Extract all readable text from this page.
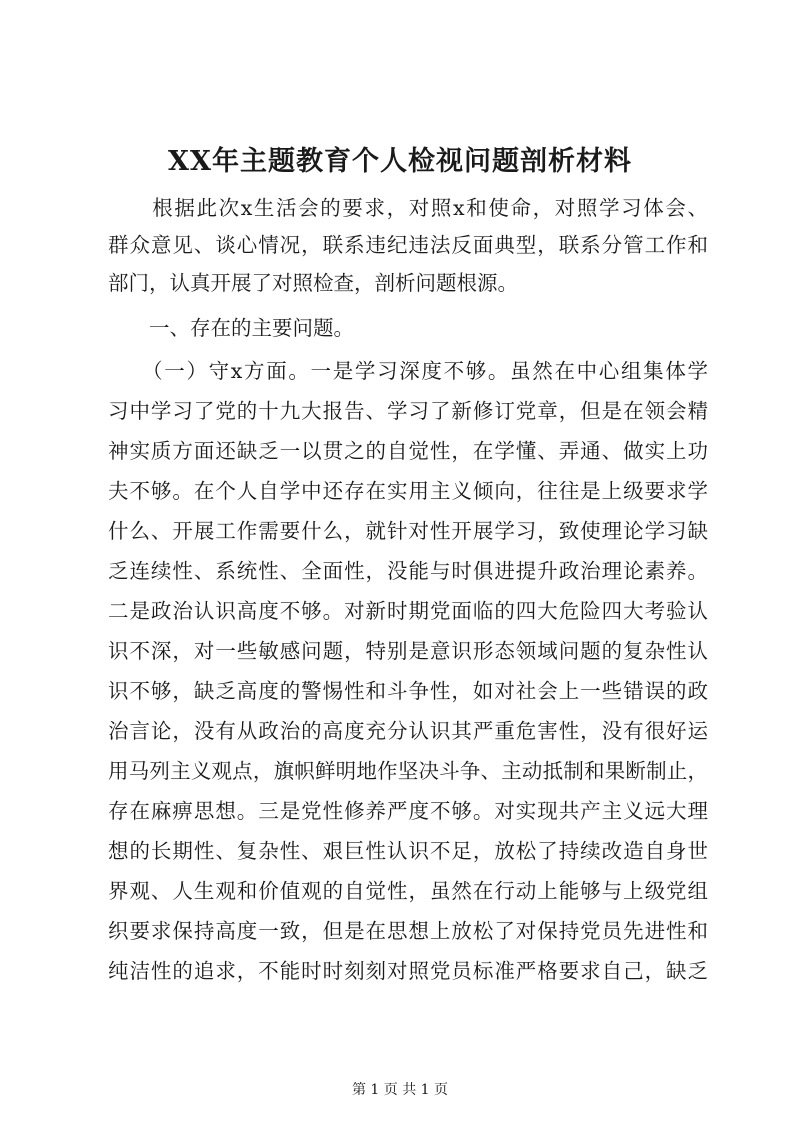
XX年主题教育个人检视问题剖析材料
　　根据此次x生活会的要求，对照x和使命，对照学习体会、
群众意见、谈心情况，联系违纪违法反面典型，联系分管工作和
部门，认真开展了对照检查，剖析问题根源。
　　一、存在的主要问题。
　　（一）守x方面。一是学习深度不够。虽然在中心组集体学
习中学习了党的十九大报告、学习了新修订党章，但是在领会精
神实质方面还缺乏一以贯之的自觉性，在学懂、弄通、做实上功
夫不够。在个人自学中还存在实用主义倾向，往往是上级要求学
什么、开展工作需要什么，就针对性开展学习，致使理论学习缺
乏连续性、系统性、全面性，没能与时俱进提升政治理论素养。
二是政治认识高度不够。对新时期党面临的四大危险四大考验认
识不深，对一些敏感问题，特别是意识形态领域问题的复杂性认
识不够，缺乏高度的警惕性和斗争性，如对社会上一些错误的政
治言论，没有从政治的高度充分认识其严重危害性，没有很好运
用马列主义观点，旗帜鲜明地作坚决斗争、主动抵制和果断制止，
存在麻痹思想。三是党性修养严度不够。对实现共产主义远大理
想的长期性、复杂性、艰巨性认识不足，放松了持续改造自身世
界观、人生观和价值观的自觉性，虽然在行动上能够与上级党组
织要求保持高度一致，但是在思想上放松了对保持党员先进性和
纯洁性的追求，不能时时刻刻对照党员标准严格要求自己，缺乏
第 1 页 共 1 页
